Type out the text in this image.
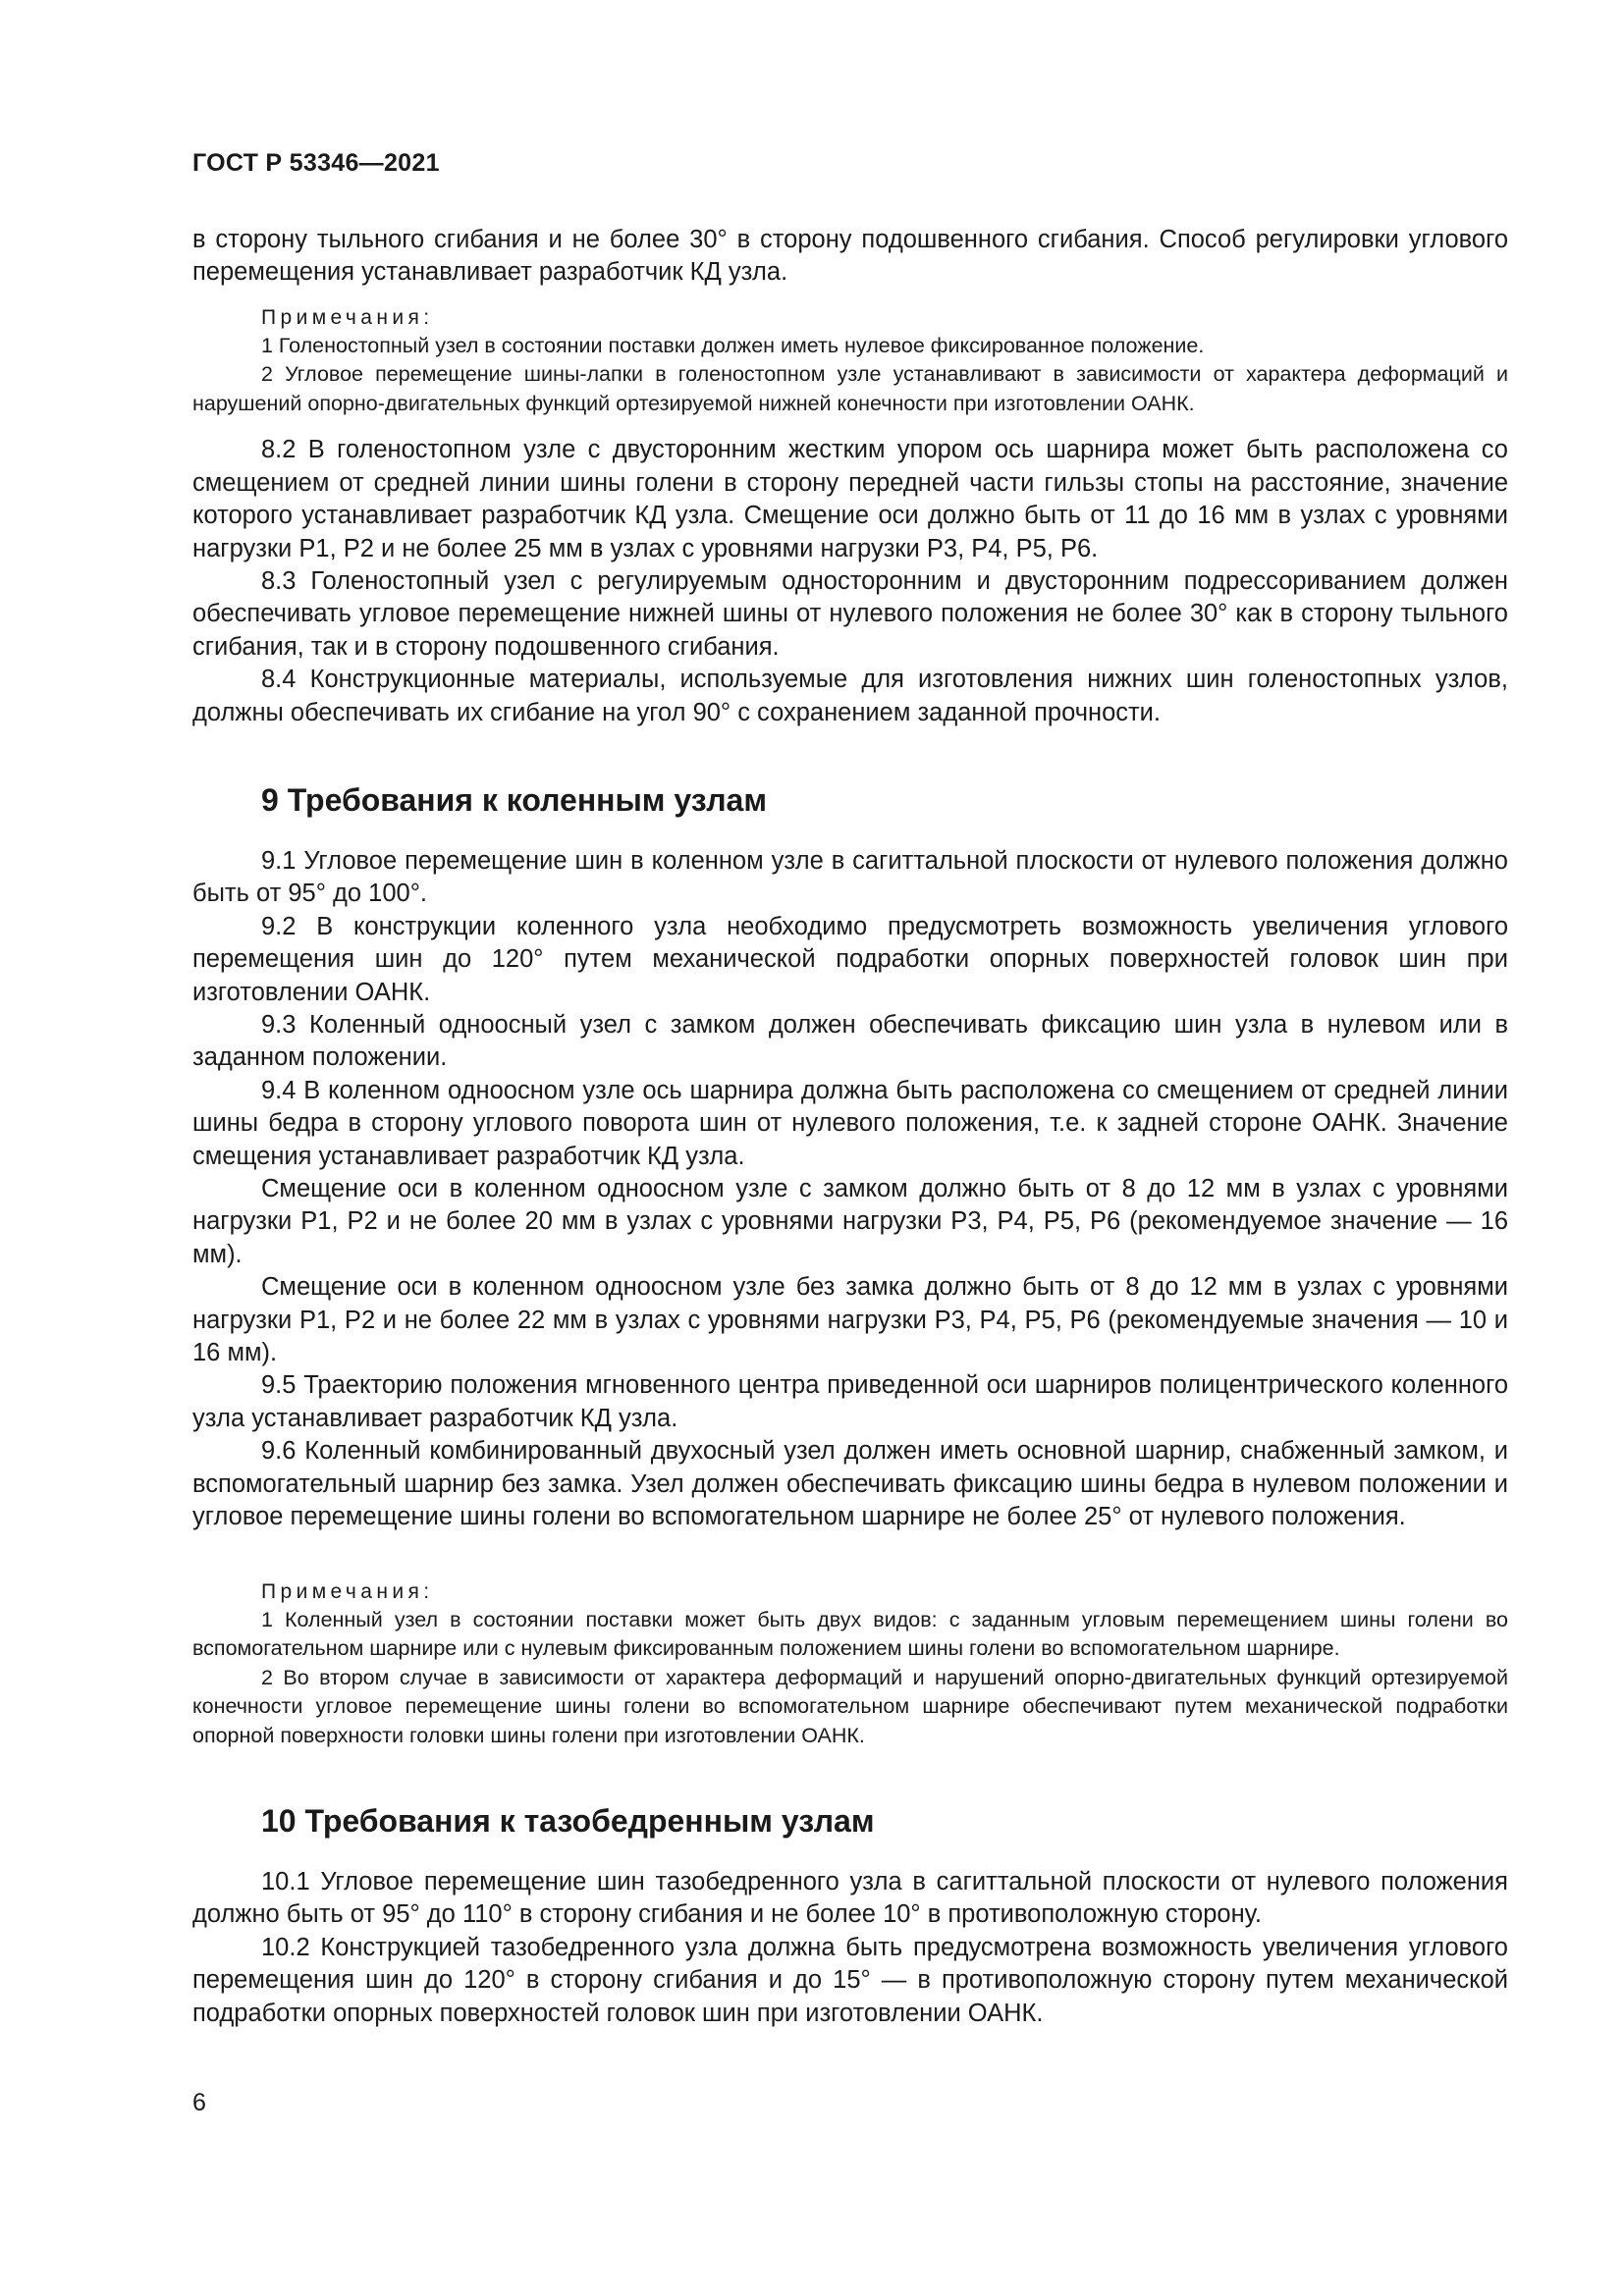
ГОСТ Р 53346—2021

в сторону тыльного сгибания и не более 30° в сторону подошвенного сгибания. Способ регулировки углового перемещения устанавливает разработчик КД узла.

Примечания:

1 Голеностопный узел в состоянии поставки должен иметь нулевое фиксированное положение.

2 Угловое перемещение шины-лапки в голеностопном узле устанавливают в зависимости от характера деформаций и нарушений опорно-двигательных функций ортезируемой нижней конечности при изготовлении ОАНК.

8.2 В голеностопном узле с двусторонним жестким упором ось шарнира может быть расположена со смещением от средней линии шины голени в сторону передней части гильзы стопы на расстояние, значение которого устанавливает разработчик КД узла. Смещение оси должно быть от 11 до 16 мм в узлах с уровнями нагрузки Р1, Р2 и не более 25 мм в узлах с уровнями нагрузки Р3, Р4, Р5, Р6.

8.3 Голеностопный узел с регулируемым односторонним и двусторонним подрессориванием должен обеспечивать угловое перемещение нижней шины от нулевого положения не более 30° как в сторону тыльного сгибания, так и в сторону подошвенного сгибания.

8.4 Конструкционные материалы, используемые для изготовления нижних шин голеностопных узлов, должны обеспечивать их сгибание на угол 90° с сохранением заданной прочности.

9 Требования к коленным узлам

9.1 Угловое перемещение шин в коленном узле в сагиттальной плоскости от нулевого положения должно быть от 95° до 100°.

9.2 В конструкции коленного узла необходимо предусмотреть возможность увеличения углового перемещения шин до 120° путем механической подработки опорных поверхностей головок шин при изготовлении ОАНК.

9.3 Коленный одноосный узел с замком должен обеспечивать фиксацию шин узла в нулевом или в заданном положении.

9.4 В коленном одноосном узле ось шарнира должна быть расположена со смещением от средней линии шины бедра в сторону углового поворота шин от нулевого положения, т.е. к задней стороне ОАНК. Значение смещения устанавливает разработчик КД узла.

Смещение оси в коленном одноосном узле с замком должно быть от 8 до 12 мм в узлах с уровнями нагрузки Р1, Р2 и не более 20 мм в узлах с уровнями нагрузки Р3, Р4, Р5, Р6 (рекомендуемое значение — 16 мм).

Смещение оси в коленном одноосном узле без замка должно быть от 8 до 12 мм в узлах с уровнями нагрузки Р1, Р2 и не более 22 мм в узлах с уровнями нагрузки Р3, Р4, Р5, Р6 (рекомендуемые значения — 10 и 16 мм).

9.5 Траекторию положения мгновенного центра приведенной оси шарниров полицентрического коленного узла устанавливает разработчик КД узла.

9.6 Коленный комбинированный двухосный узел должен иметь основной шарнир, снабженный замком, и вспомогательный шарнир без замка. Узел должен обеспечивать фиксацию шины бедра в нулевом положении и угловое перемещение шины голени во вспомогательном шарнире не более 25° от нулевого положения.

Примечания:

1 Коленный узел в состоянии поставки может быть двух видов: с заданным угловым перемещением шины голени во вспомогательном шарнире или с нулевым фиксированным положением шины голени во вспомогательном шарнире.

2 Во втором случае в зависимости от характера деформаций и нарушений опорно-двигательных функций ортезируемой конечности угловое перемещение шины голени во вспомогательном шарнире обеспечивают путем механической подработки опорной поверхности головки шины голени при изготовлении ОАНК.

10 Требования к тазобедренным узлам

10.1 Угловое перемещение шин тазобедренного узла в сагиттальной плоскости от нулевого положения должно быть от 95° до 110° в сторону сгибания и не более 10° в противоположную сторону.

10.2 Конструкцией тазобедренного узла должна быть предусмотрена возможность увеличения углового перемещения шин до 120° в сторону сгибания и до 15° — в противоположную сторону путем механической подработки опорных поверхностей головок шин при изготовлении ОАНК.

6
